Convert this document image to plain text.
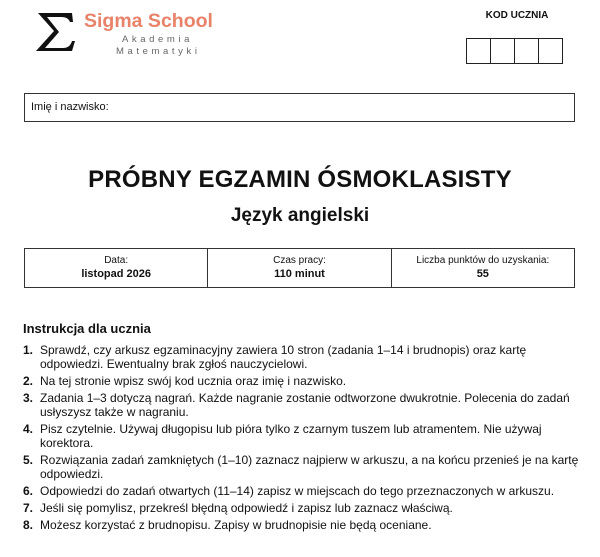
Sigma School
Akademia
Matematyki
KOD UCZNIA
Imię i nazwisko:
PRÓBNY EGZAMIN ÓSMOKLASISTY
Język angielski
Data:
listopad 2026
Czas pracy:
110 minut
Liczba punktów do uzyskania:
55
Instrukcja dla ucznia
1. Sprawdź, czy arkusz egzaminacyjny zawiera 10 stron (zadania 1–14 i brudnopis) oraz kartę odpowiedzi. Ewentualny brak zgłoś nauczycielowi.
2. Na tej stronie wpisz swój kod ucznia oraz imię i nazwisko.
3. Zadania 1–3 dotyczą nagrań. Każde nagranie zostanie odtworzone dwukrotnie. Polecenia do zadań usłyszysz także w nagraniu.
4. Pisz czytelnie. Używaj długopisu lub pióra tylko z czarnym tuszem lub atramentem. Nie używaj korektora.
5. Rozwiązania zadań zamkniętych (1–10) zaznacz najpierw w arkuszu, a na końcu przenieś je na kartę odpowiedzi.
6. Odpowiedzi do zadań otwartych (11–14) zapisz w miejscach do tego przeznaczonych w arkuszu.
7. Jeśli się pomylisz, przekreśl błędną odpowiedź i zapisz lub zaznacz właściwą.
8. Możesz korzystać z brudnopisu. Zapisy w brudnopisie nie będą oceniane.
